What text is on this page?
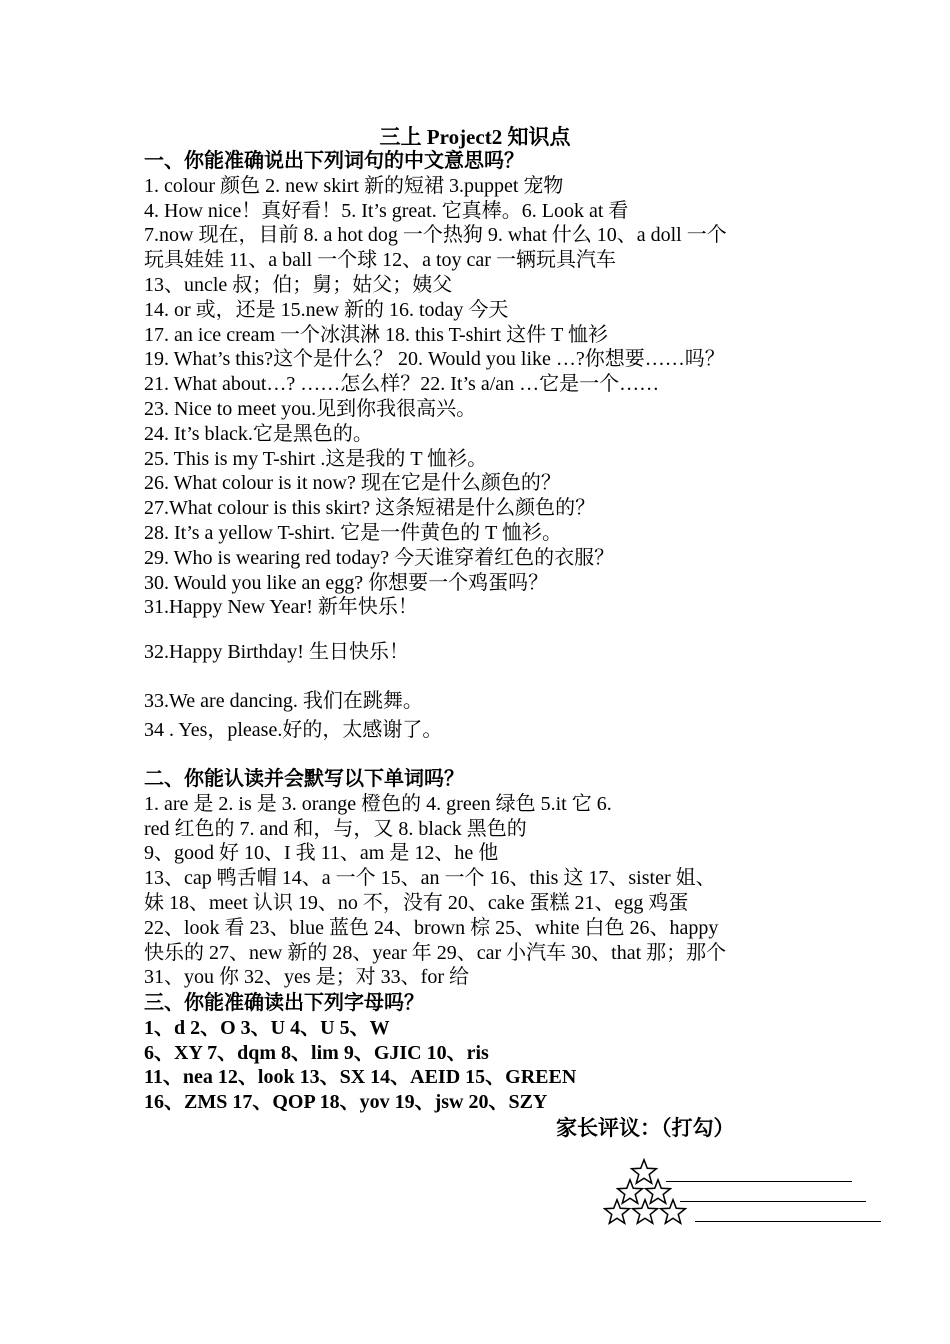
三上 Project2 知识点
一、你能准确说出下列词句的中文意思吗？
1. colour 颜色 2. new skirt 新的短裙 3.puppet 宠物
4. How nice！真好看！5. It’s great. 它真棒。6. Look at 看
7.now 现在，目前 8. a hot dog 一个热狗 9. what 什么 10、a doll 一个
玩具娃娃 11、a ball 一个球 12、a toy car 一辆玩具汽车
13、uncle 叔；伯；舅；姑父；姨父
14. or 或，还是 15.new 新的 16. today 今天
17. an ice cream 一个冰淇淋 18. this T-shirt 这件 T 恤衫
19. What’s this?这个是什么？ 20. Would you like …?你想要……吗？
21. What about…? ……怎么样？22. It’s a/an …它是一个……
23. Nice to meet you.见到你我很高兴。
24. It’s black.它是黑色的。
25. This is my T-shirt .这是我的 T 恤衫。
26. What colour is it now? 现在它是什么颜色的？
27.What colour is this skirt? 这条短裙是什么颜色的？
28. It’s a yellow T-shirt. 它是一件黄色的 T 恤衫。
29. Who is wearing red today? 今天谁穿着红色的衣服？
30. Would you like an egg? 你想要一个鸡蛋吗？
31.Happy New Year! 新年快乐！
32.Happy Birthday! 生日快乐！
33.We are dancing. 我们在跳舞。
34 . Yes，please.好的，太感谢了。
二、你能认读并会默写以下单词吗？
1. are 是 2. is 是 3. orange 橙色的 4. green 绿色 5.it 它 6.
red 红色的 7. and 和，与，又 8. black 黑色的
9、good 好 10、I 我 11、am 是 12、he 他
13、cap 鸭舌帽 14、a 一个 15、an 一个 16、this 这 17、sister 姐、
妹 18、meet 认识 19、no 不，没有 20、cake 蛋糕 21、egg 鸡蛋
22、look 看 23、blue 蓝色 24、brown 棕 25、white 白色 26、happy
快乐的 27、new 新的 28、year 年 29、car 小汽车 30、that 那；那个
31、you 你 32、yes 是；对 33、for 给
三、你能准确读出下列字母吗？
1、d 2、O 3、U 4、U 5、W
6、XY 7、dqm 8、lim 9、GJIC 10、ris
11、nea 12、look 13、SX 14、AEID 15、GREEN
16、ZMS 17、QOP 18、yov 19、jsw 20、SZY
家长评议：（打勾）
